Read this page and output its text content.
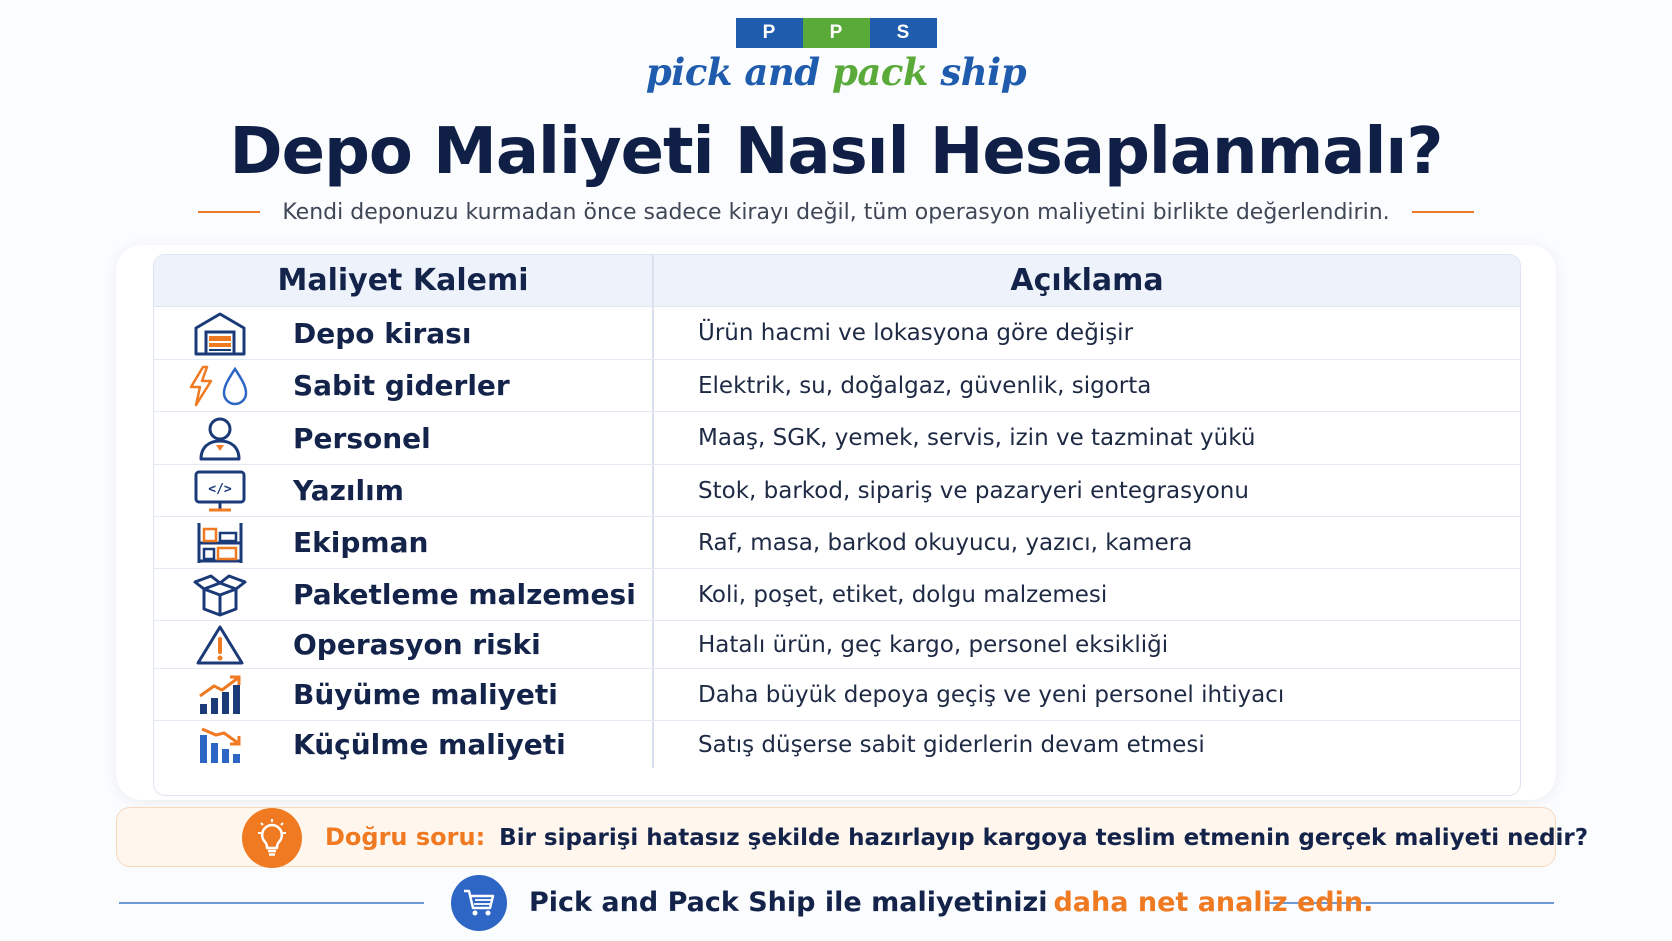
P	P	S
pick and pack ship
Depo Maliyeti Nasıl Hesaplanmalı?
Kendi deponuzu kurmadan önce sadece kirayı değil, tüm operasyon maliyetini birlikte değerlendirin.
Maliyet Kalemi	Açıklama
Depo kirası	Ürün hacmi ve lokasyona göre değişir
Sabit giderler	Elektrik, su, doğalgaz, güvenlik, sigorta
Personel	Maaş, SGK, yemek, servis, izin ve tazminat yükü
</> Yazılım	Stok, barkod, sipariş ve pazaryeri entegrasyonu
Ekipman	Raf, masa, barkod okuyucu, yazıcı, kamera
Paketleme malzemesi	Koli, poşet, etiket, dolgu malzemesi
Operasyon riski	Hatalı ürün, geç kargo, personel eksikliği
Büyüme maliyeti	Daha büyük depoya geçiş ve yeni personel ihtiyacı
Küçülme maliyeti	Satış düşerse sabit giderlerin devam etmesi
Doğru soru: Bir siparişi hatasız şekilde hazırlayıp kargoya teslim etmenin gerçek maliyeti nedir?
Pick and Pack Ship ile maliyetinizi daha net analiz edin.
